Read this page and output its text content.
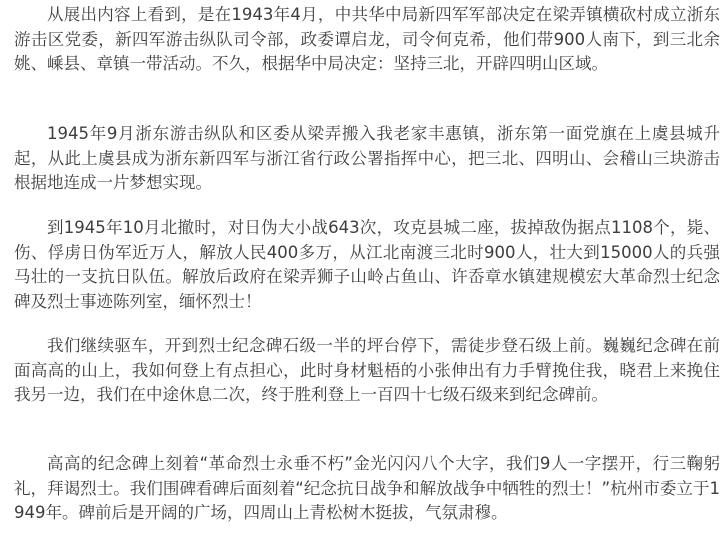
从展出内容上看到，是在1943年4月，中共华中局新四军军部决定在梁弄镇横砍村成立浙东游击区党委，新四军游击纵队司令部，政委谭启龙，司令何克希，他们带900人南下，到三北余姚、嵊县、章镇一带活动。不久，根据华中局决定：坚持三北，开辟四明山区域。

1945年9月浙东游击纵队和区委从梁弄搬入我老家丰惠镇，浙东第一面党旗在上虞县城升起，从此上虞县成为浙东新四军与浙江省行政公署指挥中心，把三北、四明山、会稽山三块游击根据地连成一片梦想实现。

到1945年10月北撤时，对日伪大小战643次，攻克县城二座，拔掉敌伪据点1108个，毙、伤、俘虏日伪军近万人，解放人民400多万，从江北南渡三北时900人，壮大到15000人的兵强马壮的一支抗日队伍。解放后政府在梁弄狮子山岭占鱼山、许岙章水镇建规模宏大革命烈士纪念碑及烈士事迹陈列室，缅怀烈士！

我们继续驱车，开到烈士纪念碑石级一半的坪台停下，需徒步登石级上前。巍巍纪念碑在前面高高的山上，我如何登上有点担心，此时身材魁梧的小张伸出有力手臂挽住我，晓君上来挽住我另一边，我们在中途休息二次，终于胜利登上一百四十七级石级来到纪念碑前。

高高的纪念碑上刻着“革命烈士永垂不朽”金光闪闪八个大字，我们9人一字摆开，行三鞠躬礼，拜谒烈士。我们围碑看碑后面刻着“纪念抗日战争和解放战争中牺牲的烈士！”杭州市委立于1949年。碑前后是开阔的广场，四周山上青松树木挺拔，气氛肃穆。
